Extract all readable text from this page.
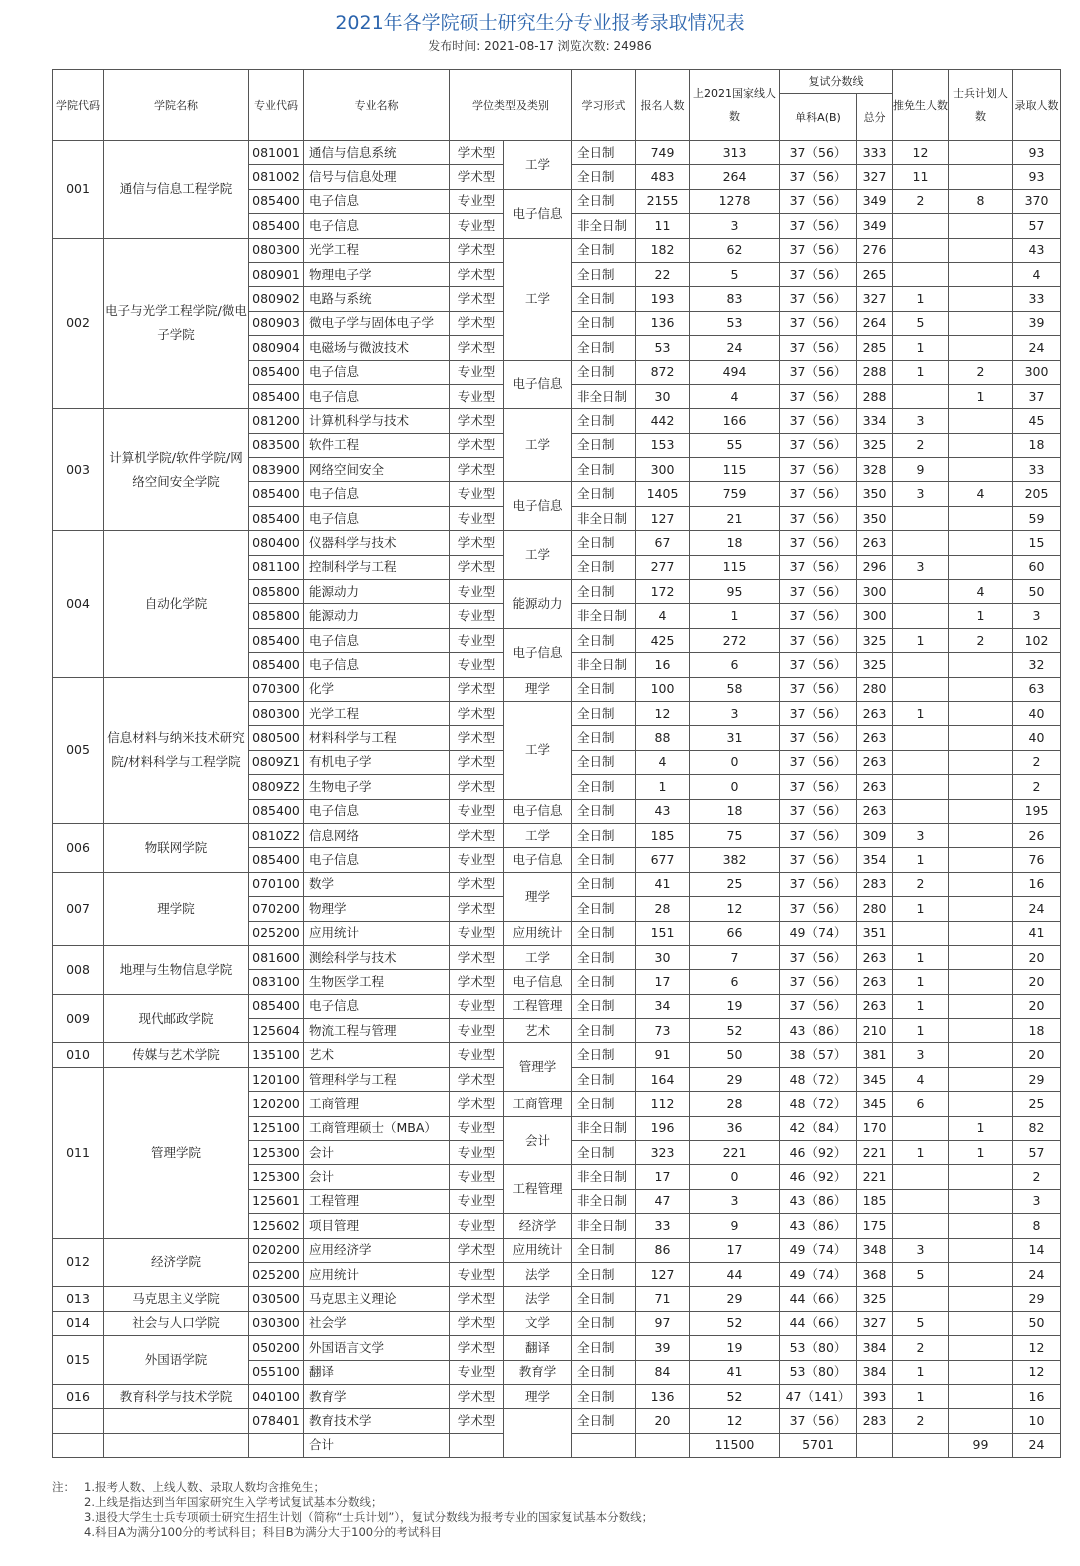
2021年各学院硕士研究生分专业报考录取情况表
发布时间: 2021-08-17 浏览次数: 24986
学院代码	学院名称	专业代码	专业名称	学位类型及类别		学习形式	报名人数	上2021国家线人数	复试分数线		推免生人数	士兵计划人数	录取人数	
									单科A(B)	总分				
001	通信与信息工程学院	081001	通信与信息系统	学术型	工学	全日制	749	313	37（56）	333	12		93	
		081002	信号与信息处理	学术型		全日制	483	264	37（56）	327	11		93	
		085400	电子信息	专业型	电子信息	全日制	2155	1278	37（56）	349	2	8	370	
		085400	电子信息	专业型		非全日制	11	3	37（56）	349			57	
002	电子与光学工程学院/微电子学院	080300	光学工程	学术型	工学	全日制	182	62	37（56）	276			43	
		080901	物理电子学	学术型		全日制	22	5	37（56）	265			4	
		080902	电路与系统	学术型		全日制	193	83	37（56）	327	1		33	
		080903	微电子学与固体电子学	学术型		全日制	136	53	37（56）	264	5		39	
		080904	电磁场与微波技术	学术型		全日制	53	24	37（56）	285	1		24	
		085400	电子信息	专业型	电子信息	全日制	872	494	37（56）	288	1	2	300	
		085400	电子信息	专业型		非全日制	30	4	37（56）	288		1	37	
003	计算机学院/软件学院/网络空间安全学院	081200	计算机科学与技术	学术型	工学	全日制	442	166	37（56）	334	3		45	
		083500	软件工程	学术型		全日制	153	55	37（56）	325	2		18	
		083900	网络空间安全	学术型		全日制	300	115	37（56）	328	9		33	
		085400	电子信息	专业型	电子信息	全日制	1405	759	37（56）	350	3	4	205	
		085400	电子信息	专业型		非全日制	127	21	37（56）	350			59	
004	自动化学院	080400	仪器科学与技术	学术型	工学	全日制	67	18	37（56）	263			15	
		081100	控制科学与工程	学术型		全日制	277	115	37（56）	296	3		60	
		085800	能源动力	专业型	能源动力	全日制	172	95	37（56）	300		4	50	
		085800	能源动力	专业型		非全日制	4	1	37（56）	300		1	3	
		085400	电子信息	专业型	电子信息	全日制	425	272	37（56）	325	1	2	102	
		085400	电子信息	专业型		非全日制	16	6	37（56）	325			32	
005	信息材料与纳米技术研究院/材料科学与工程学院	070300	化学	学术型	理学	全日制	100	58	37（56）	280			63	
		080300	光学工程	学术型	工学	全日制	12	3	37（56）	263	1		40	
		080500	材料科学与工程	学术型		全日制	88	31	37（56）	263			40	
		0809Z1	有机电子学	学术型		全日制	4	0	37（56）	263			2	
		0809Z2	生物电子学	学术型		全日制	1	0	37（56）	263			2	
		085400	电子信息	专业型	电子信息	全日制	43	18	37（56）	263			195	
006	物联网学院	0810Z2	信息网络	学术型	工学	全日制	185	75	37（56）	309	3		26	
		085400	电子信息	专业型	电子信息	全日制	677	382	37（56）	354	1		76	
007	理学院	070100	数学	学术型	理学	全日制	41	25	37（56）	283	2		16	
		070200	物理学	学术型		全日制	28	12	37（56）	280	1		24	
		025200	应用统计	专业型	应用统计	全日制	151	66	49（74）	351			41	
008	地理与生物信息学院	081600	测绘科学与技术	学术型	工学	全日制	30	7	37（56）	263	1		20	
		083100	生物医学工程	学术型	电子信息	全日制	17	6	37（56）	263	1		20	
009	现代邮政学院	085400	电子信息	专业型	工程管理	全日制	34	19	37（56）	263	1		20	
		125604	物流工程与管理	专业型	艺术	全日制	73	52	43（86）	210	1		18	
010	传媒与艺术学院	135100	艺术	专业型	管理学	全日制	91	50	38（57）	381	3		20	
011	管理学院	120100	管理科学与工程	学术型		全日制	164	29	48（72）	345	4		29	
		120200	工商管理	学术型	工商管理	全日制	112	28	48（72）	345	6		25	
		125100	工商管理硕士（MBA）	专业型	会计	非全日制	196	36	42（84）	170		1	82	
		125300	会计	专业型		全日制	323	221	46（92）	221	1	1	57	
		125300	会计	专业型	工程管理	非全日制	17	0	46（92）	221			2	
		125601	工程管理	专业型		非全日制	47	3	43（86）	185			3	
		125602	项目管理	专业型	经济学	非全日制	33	9	43（86）	175			8	
012	经济学院	020200	应用经济学	学术型	应用统计	全日制	86	17	49（74）	348	3		14	
		025200	应用统计	专业型	法学	全日制	127	44	49（74）	368	5		24	
013	马克思主义学院	030500	马克思主义理论	学术型	法学	全日制	71	29	44（66）	325			29	
014	社会与人口学院	030300	社会学	学术型	文学	全日制	97	52	44（66）	327	5		50	
015	外国语学院	050200	外国语言文学	学术型	翻译	全日制	39	19	53（80）	384	2		12	
		055100	翻译	专业型	教育学	全日制	84	41	53（80）	384	1		12	
016	教育科学与技术学院	040100	教育学	学术型	理学	全日制	136	52	47（141）	393	1		16	
		078401	教育技术学	学术型		全日制	20	12	37（56）	283	2		10	
			合计					11500	5701			99	24	
注： 1.报考人数、上线人数、录取人数均含推免生；
2.上线是指达到当年国家研究生入学考试复试基本分数线；
3.退役大学生士兵专项硕士研究生招生计划（简称“士兵计划”），复试分数线为报考专业的国家复试基本分数线；
4.科目A为满分100分的考试科目；科目B为满分大于100分的考试科目
